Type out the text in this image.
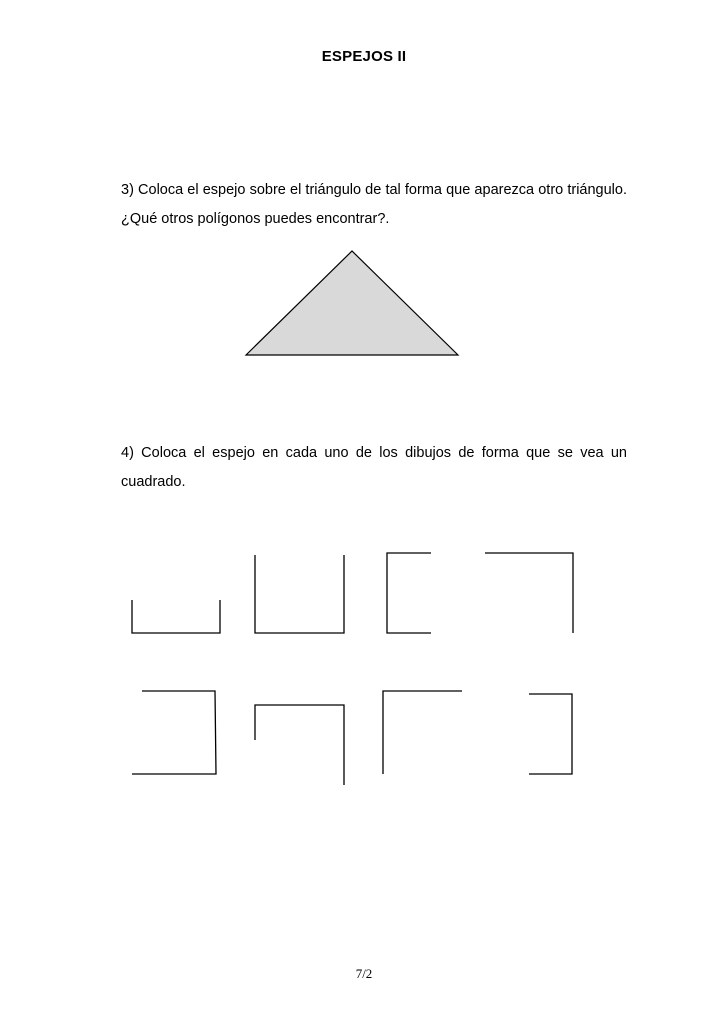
ESPEJOS II
3) Coloca el espejo sobre el triángulo de tal forma que aparezca otro triángulo. ¿Qué otros polígonos puedes encontrar?.
4) Coloca el espejo en cada uno de los dibujos de forma que se vea un cuadrado.
7/2
